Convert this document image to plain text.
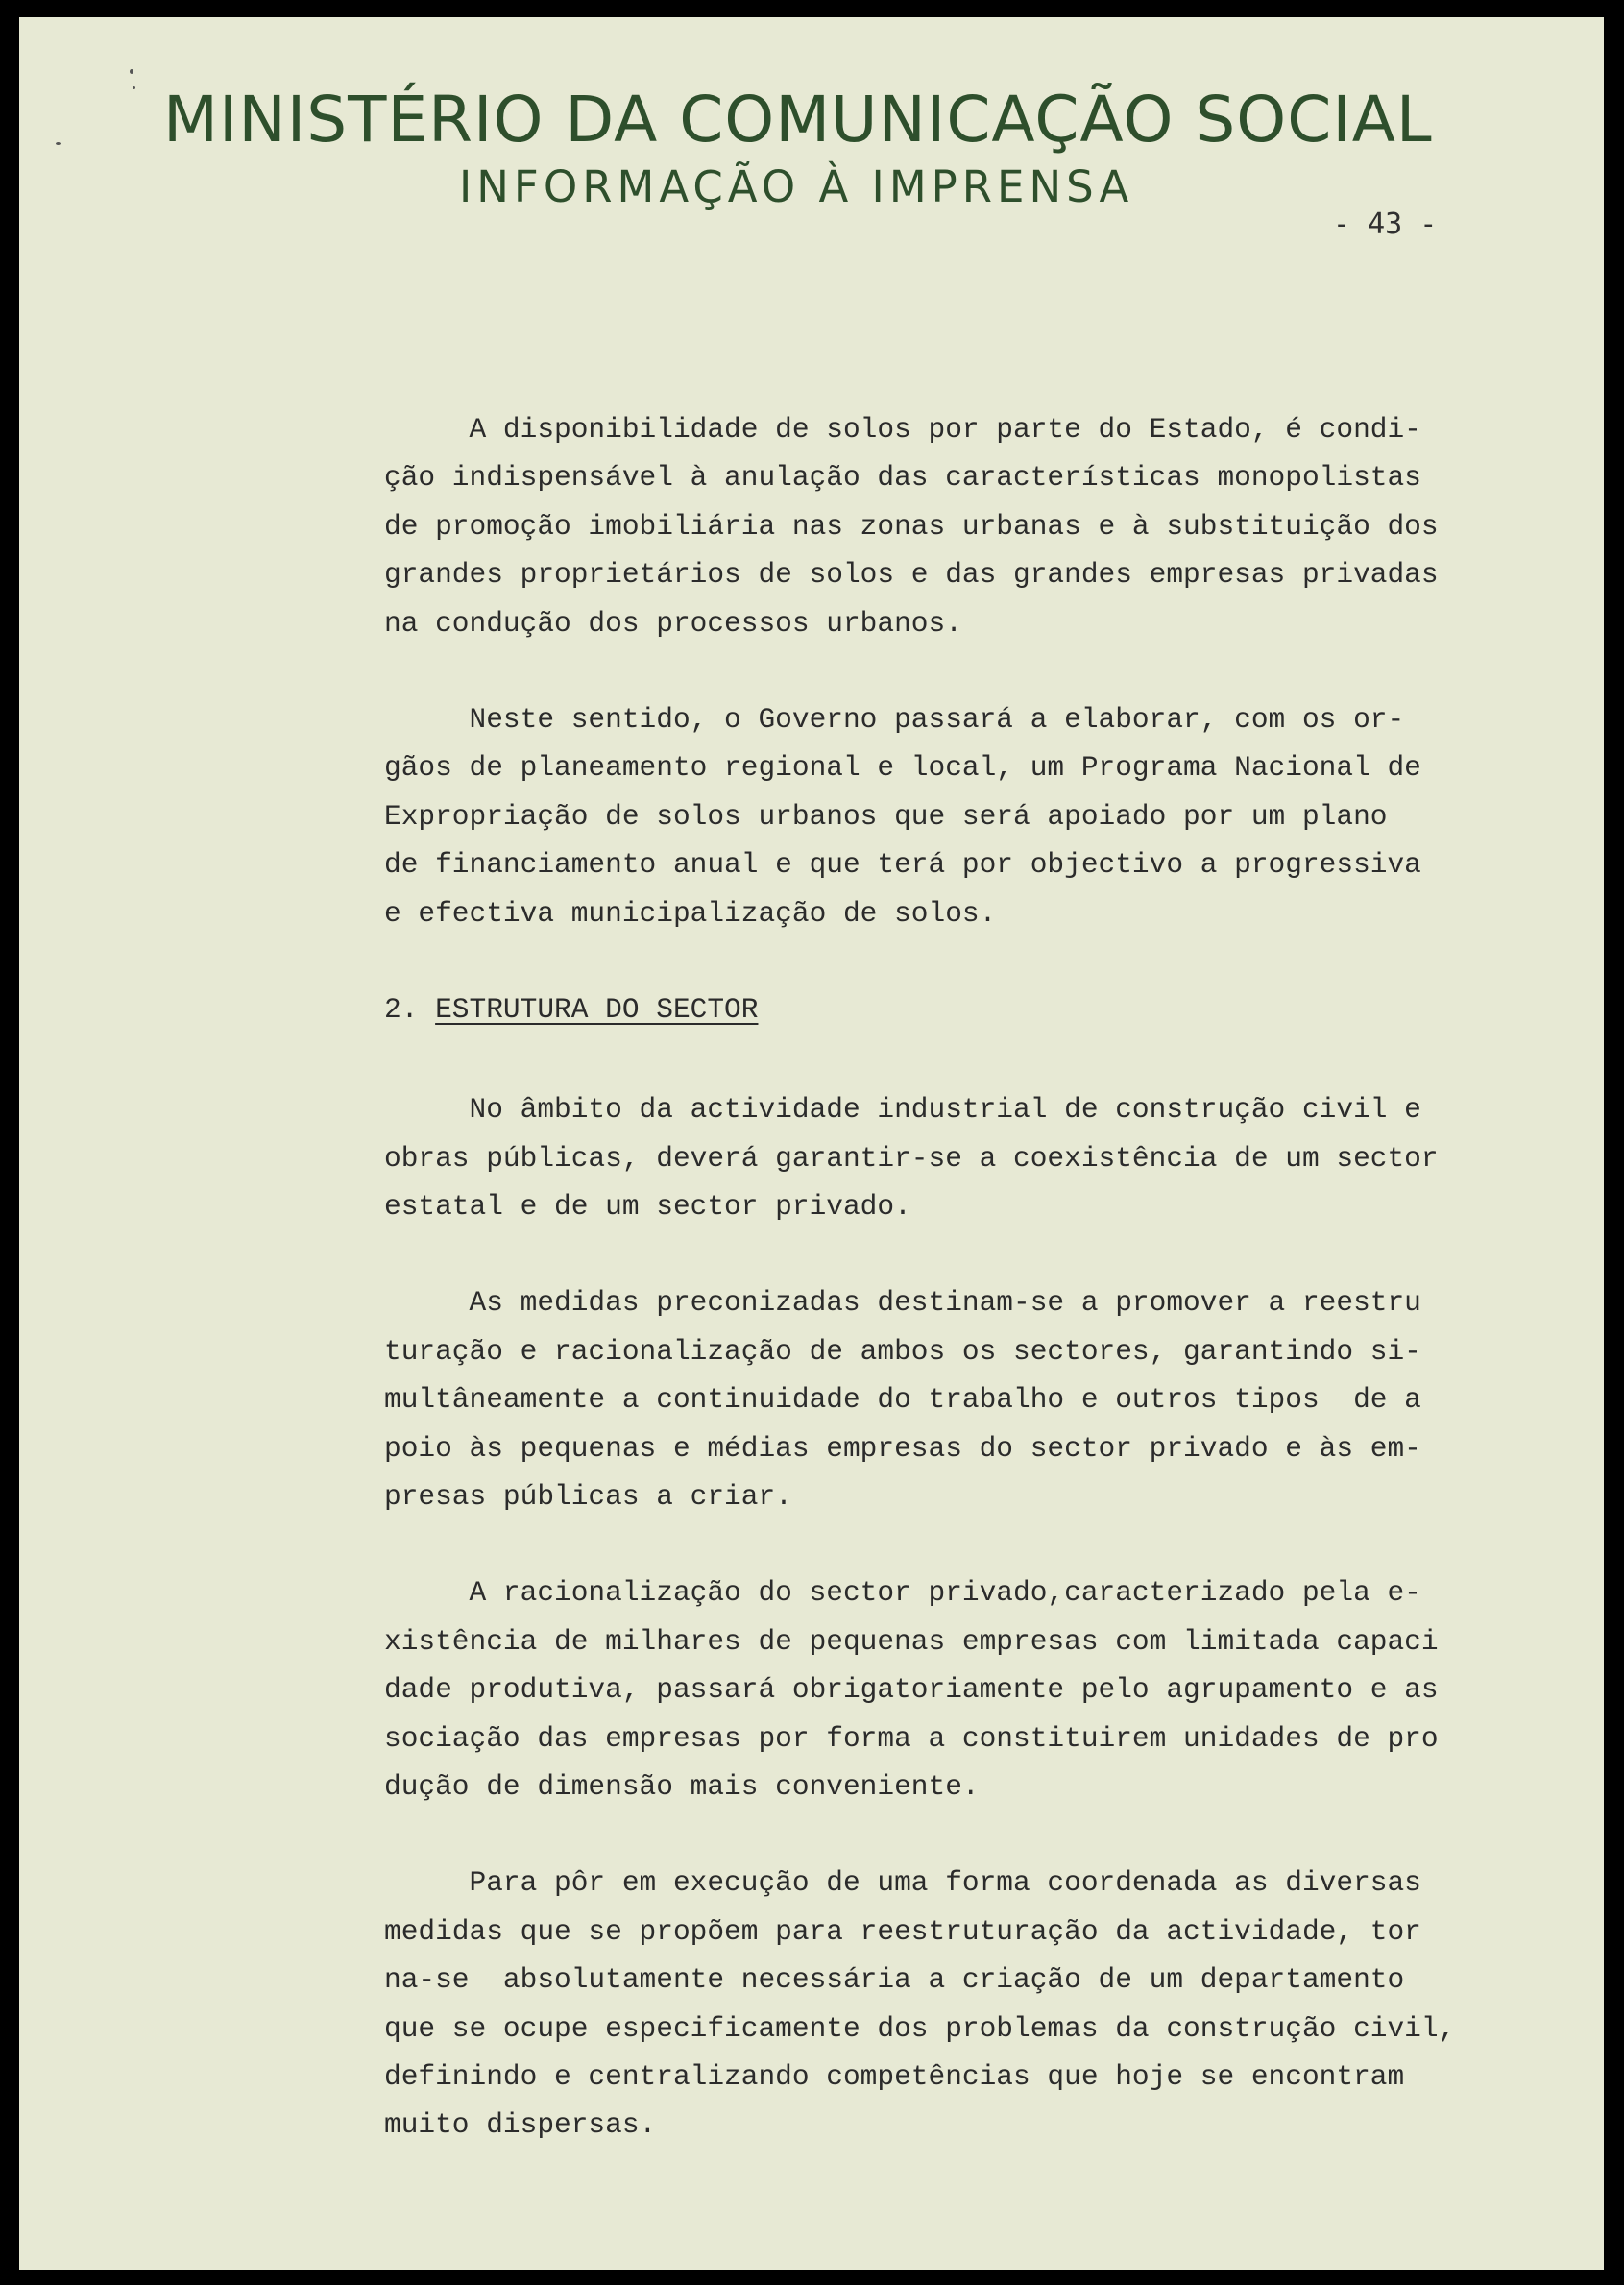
MINISTÉRIO DA COMUNICAÇÃO SOCIAL
INFORMAÇÃO À IMPRENSA
- 43 -
A disponibilidade de solos por parte do Estado, é condi-
ção indispensável à anulação das características monopolistas
de promoção imobiliária nas zonas urbanas e à substituição dos
grandes proprietários de solos e das grandes empresas privadas
na condução dos processos urbanos.
Neste sentido, o Governo passará a elaborar, com os or-
gãos de planeamento regional e local, um Programa Nacional de
Expropriação de solos urbanos que será apoiado por um plano
de financiamento anual e que terá por objectivo a progressiva
e efectiva municipalização de solos.
2. ESTRUTURA DO SECTOR
No âmbito da actividade industrial de construção civil e
obras públicas, deverá garantir-se a coexistência de um sector
estatal e de um sector privado.
As medidas preconizadas destinam-se a promover a reestru
turação e racionalização de ambos os sectores, garantindo si-
multâneamente a continuidade do trabalho e outros tipos  de a
poio às pequenas e médias empresas do sector privado e às em-
presas públicas a criar.
A racionalização do sector privado,caracterizado pela e-
xistência de milhares de pequenas empresas com limitada capaci
dade produtiva, passará obrigatoriamente pelo agrupamento e as
sociação das empresas por forma a constituirem unidades de pro
dução de dimensão mais conveniente.
Para pôr em execução de uma forma coordenada as diversas
medidas que se propõem para reestruturação da actividade, tor
na-se  absolutamente necessária a criação de um departamento
que se ocupe especificamente dos problemas da construção civil,
definindo e centralizando competências que hoje se encontram
muito dispersas.
